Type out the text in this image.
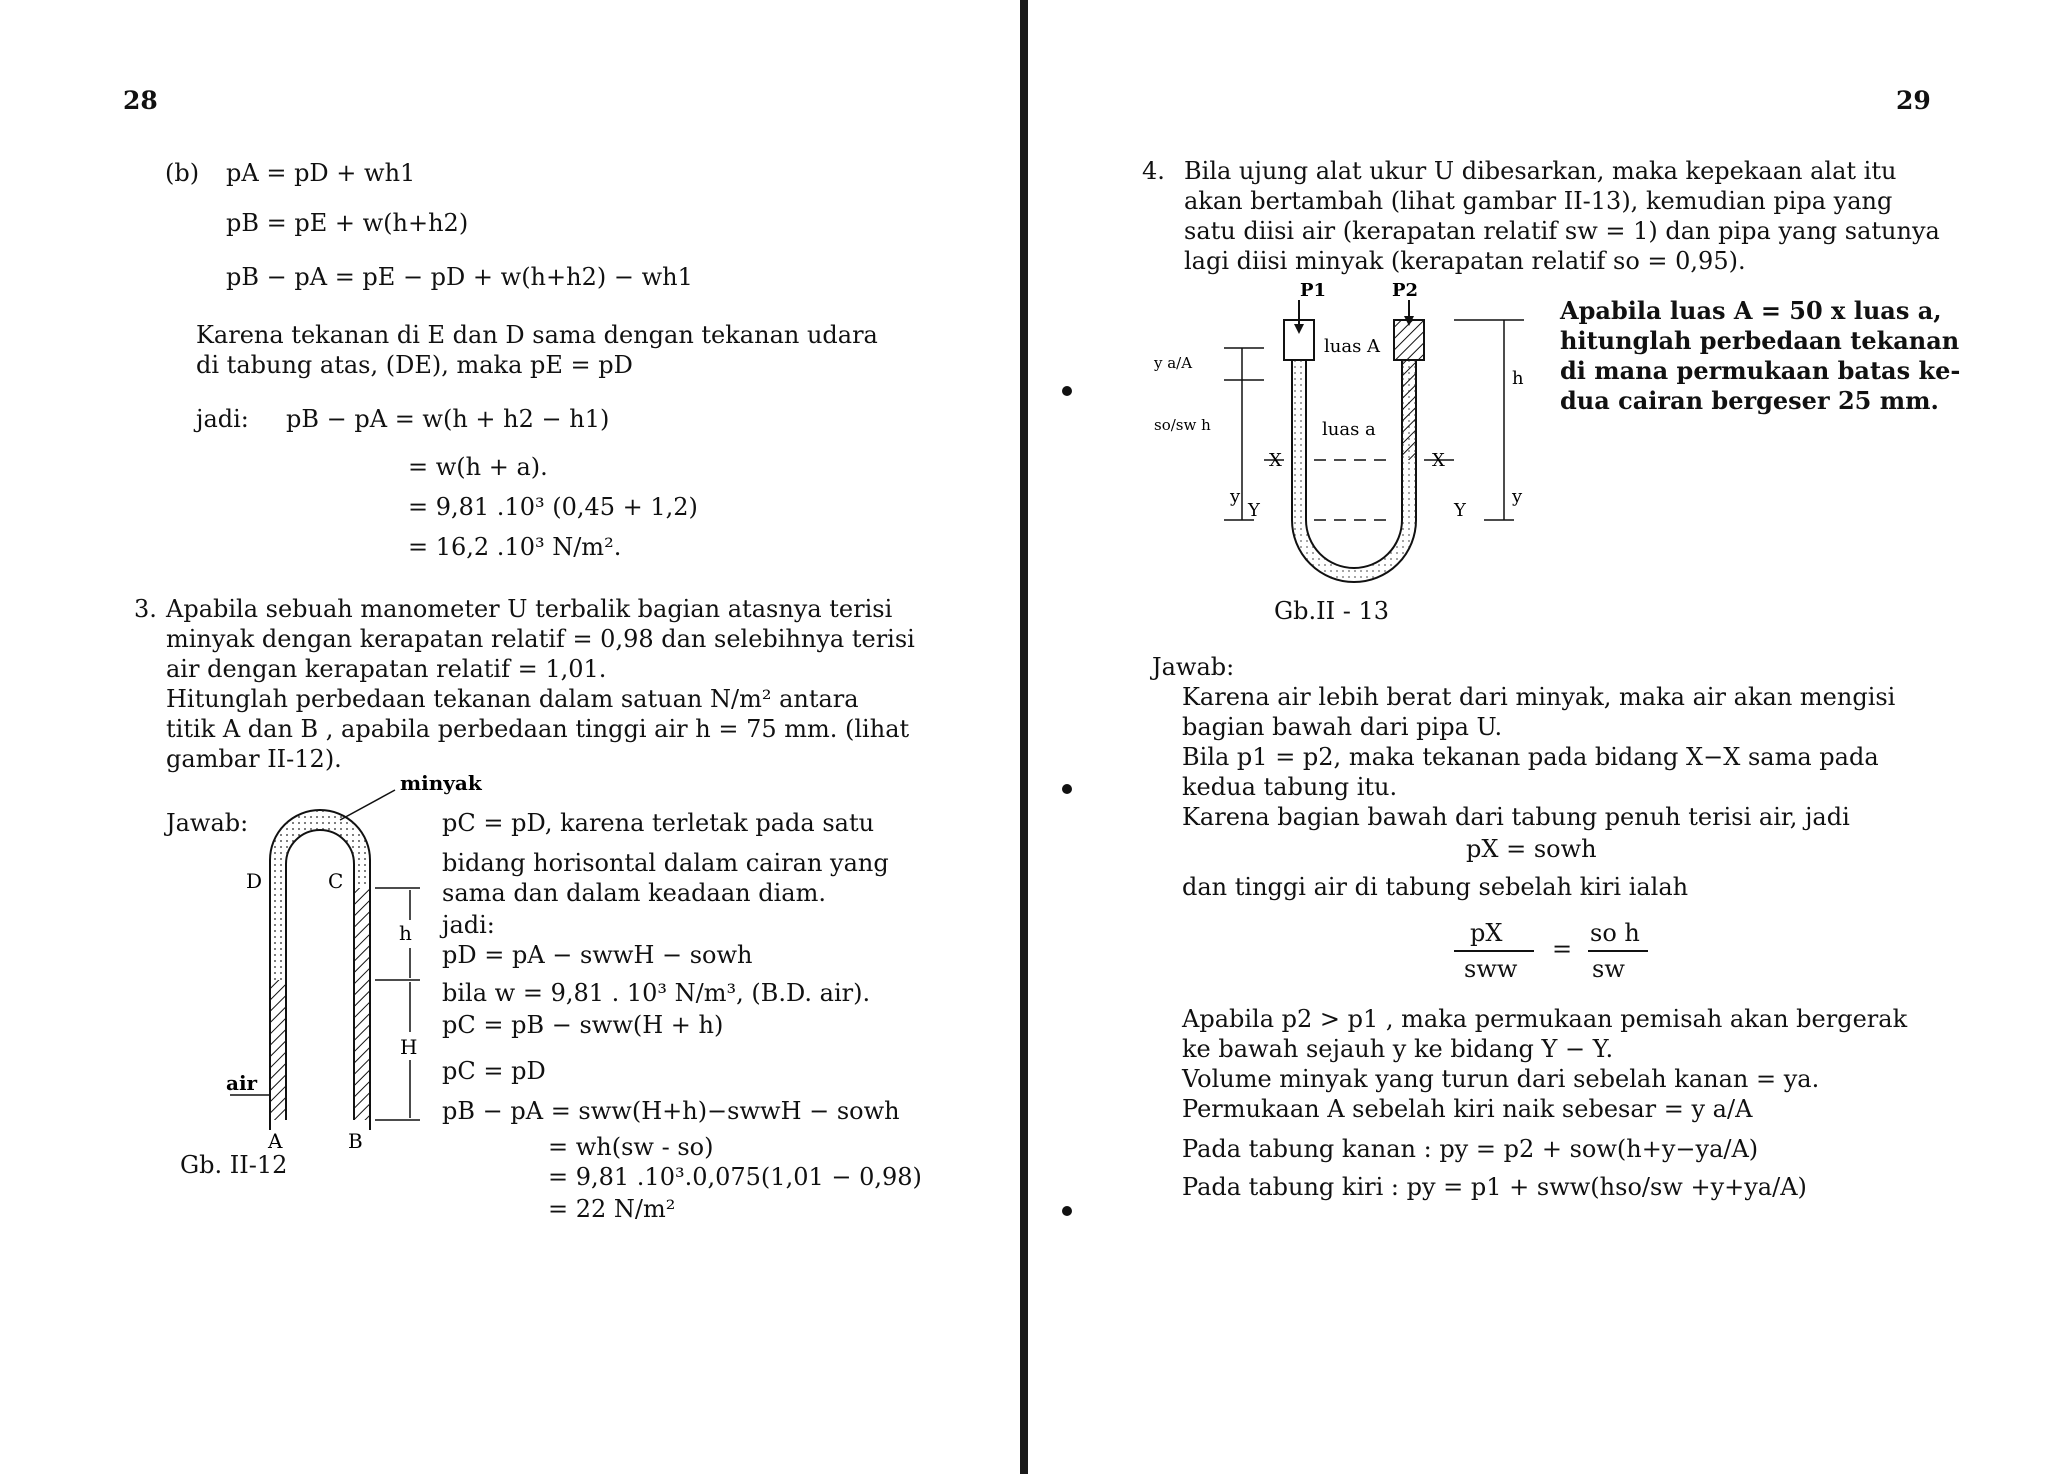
28
(b) pA = pD + wh1
pB = pE + w(h+h2)
pB − pA = pE − pD + w(h+h2) − wh1
Karena tekanan di E dan D sama dengan tekanan udara
di tabung atas, (DE), maka pE = pD
jadi: pB − pA = w(h + h2 − h1)
= w(h + a).
= 9,81 .10³ (0,45 + 1,2)
= 16,2 .10³ N/m².
3. Apabila sebuah manometer U terbalik bagian atasnya terisi
minyak dengan kerapatan relatif = 0,98 dan selebihnya terisi
air dengan kerapatan relatif = 1,01.
Hitunglah perbedaan tekanan dalam satuan N/m² antara
titik A dan B , apabila perbedaan tinggi air h = 75 mm. (lihat
gambar II-12).
Jawab:
minyak
D	C
h
H
air
A	B
Gb. II-12
pC = pD, karena terletak pada satu
bidang horisontal dalam cairan yang
sama dan dalam keadaan diam.
jadi:
pD = pA − swwH − sowh
bila w = 9,81 . 10³ N/m³, (B.D. air).
pC = pB − sww(H + h)
pC = pD
pB − pA = sww(H+h)−swwH − sowh
= wh(sw - so)
= 9,81 .10³.0,075(1,01 − 0,98)
= 22 N/m²
29
4. Bila ujung alat ukur U dibesarkan, maka kepekaan alat itu
akan bertambah (lihat gambar II-13), kemudian pipa yang
satu diisi air (kerapatan relatif sw = 1) dan pipa yang satunya
lagi diisi minyak (kerapatan relatif so = 0,95).
P1	P2
luas A
luas a
X	X
Y	Y
h
y	y
y a/A
so/sw h
Gb.II - 13
Apabila luas A = 50 x luas a,
hitunglah perbedaan tekanan
di mana permukaan batas ke-
dua cairan bergeser 25 mm.
Jawab:
Karena air lebih berat dari minyak, maka air akan mengisi
bagian bawah dari pipa U.
Bila p1 = p2, maka tekanan pada bidang X−X sama pada
kedua tabung itu.
Karena bagian bawah dari tabung penuh terisi air, jadi
pX = sowh
dan tinggi air di tabung sebelah kiri ialah
pX
sww
=
so h
sw
Apabila p2 > p1 , maka permukaan pemisah akan bergerak
ke bawah sejauh y ke bidang Y − Y.
Volume minyak yang turun dari sebelah kanan = ya.
Permukaan A sebelah kiri naik sebesar = y a/A
Pada tabung kanan : py = p2 + sow(h+y−ya/A)
Pada tabung kiri : py = p1 + sww(hso/sw +y+ya/A)
